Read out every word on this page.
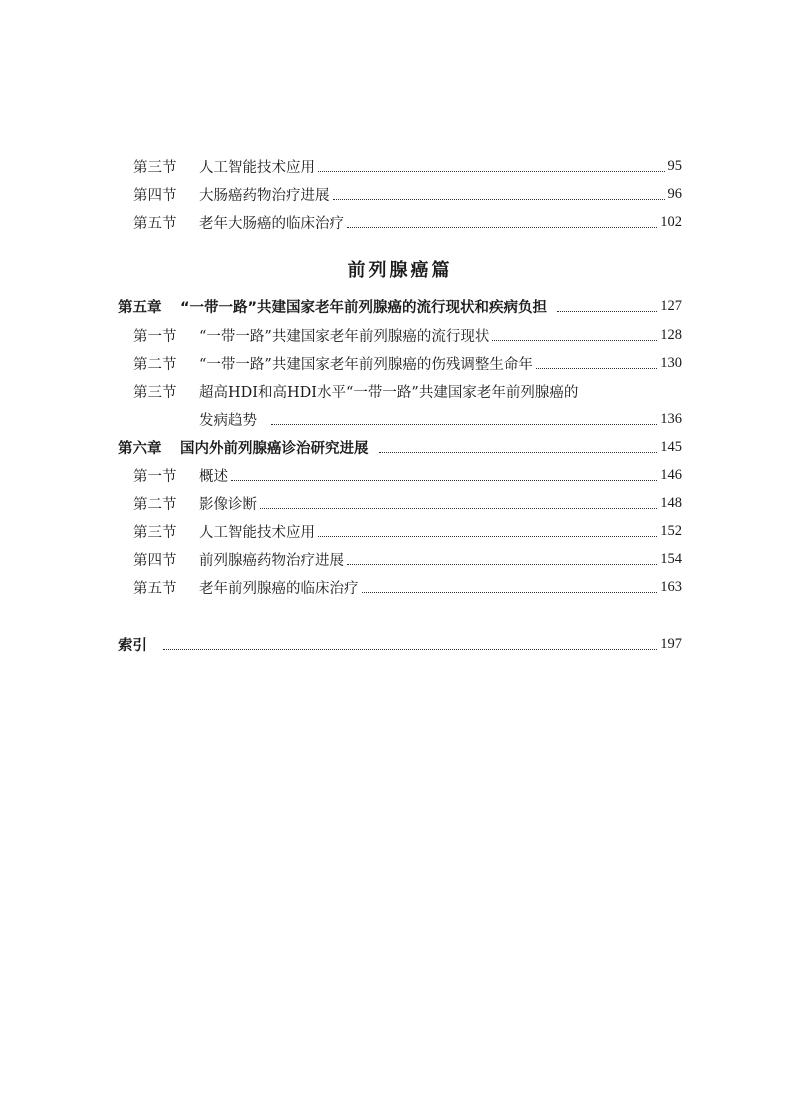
第三节	人工智能技术应用	95
第四节	大肠癌药物治疗进展	96
第五节	老年大肠癌的临床治疗	102
前列腺癌篇
第五章	“一带一路”共建国家老年前列腺癌的流行现状和疾病负担	127
第一节	“一带一路”共建国家老年前列腺癌的流行现状	128
第二节	“一带一路”共建国家老年前列腺癌的伤残调整生命年	130
第三节	超高HDI和高HDI水平“一带一路”共建国家老年前列腺癌的
发病趋势	136
第六章	国内外前列腺癌诊治研究进展	145
第一节	概述	146
第二节	影像诊断	148
第三节	人工智能技术应用	152
第四节	前列腺癌药物治疗进展	154
第五节	老年前列腺癌的临床治疗	163
索引	197
